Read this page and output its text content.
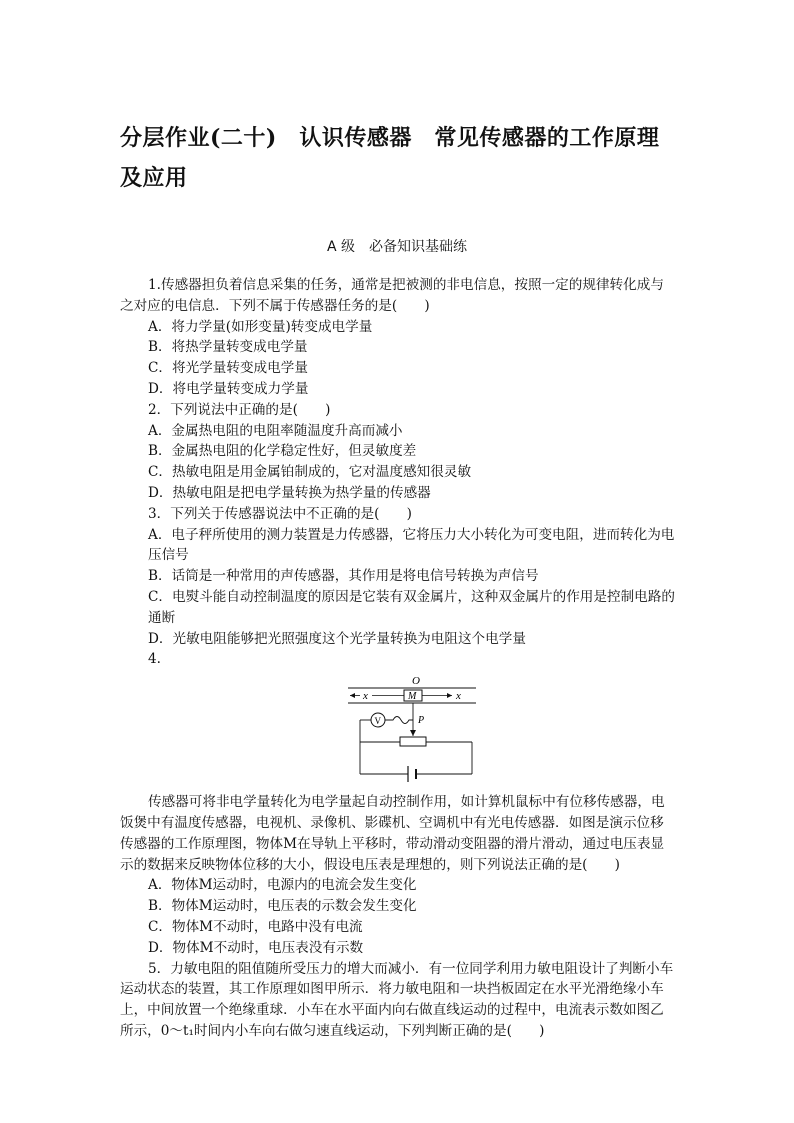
分层作业(二十)　认识传感器　常见传感器的工作原理及应用
A 级　必备知识基础练

1.传感器担负着信息采集的任务，通常是把被测的非电信息，按照一定的规律转化成与之对应的电信息．下列不属于传感器任务的是(　　)

A．将力学量(如形变量)转变成电学量

B．将热学量转变成电学量

C．将光学量转变成电学量

D．将电学量转变成力学量

2．下列说法中正确的是(　　)

A．金属热电阻的电阻率随温度升高而减小

B．金属热电阻的化学稳定性好，但灵敏度差

C．热敏电阻是用金属铂制成的，它对温度感知很灵敏

D．热敏电阻是把电学量转换为热学量的传感器

3．下列关于传感器说法中不正确的是(　　)

A．电子秤所使用的测力装置是力传感器，它将压力大小转化为可变电阻，进而转化为电压信号

B．话筒是一种常用的声传感器，其作用是将电信号转换为声信号

C．电熨斗能自动控制温度的原因是它装有双金属片，这种双金属片的作用是控制电路的通断

D．光敏电阻能够把光照强度这个光学量转换为电阻这个电学量

4.

O
x	M	x
V	P

传感器可将非电学量转化为电学量起自动控制作用，如计算机鼠标中有位移传感器，电饭煲中有温度传感器，电视机、录像机、影碟机、空调机中有光电传感器．如图是演示位移传感器的工作原理图，物体M在导轨上平移时，带动滑动变阻器的滑片滑动，通过电压表显示的数据来反映物体位移的大小，假设电压表是理想的，则下列说法正确的是(　　)

A．物体M运动时，电源内的电流会发生变化

B．物体M运动时，电压表的示数会发生变化

C．物体M不动时，电路中没有电流

D．物体M不动时，电压表没有示数

5．力敏电阻的阻值随所受压力的增大而减小．有一位同学利用力敏电阻设计了判断小车运动状态的装置，其工作原理如图甲所示．将力敏电阻和一块挡板固定在水平光滑绝缘小车上，中间放置一个绝缘重球．小车在水平面内向右做直线运动的过程中，电流表示数如图乙所示，0～t₁时间内小车向右做匀速直线运动，下列判断正确的是(　　)
